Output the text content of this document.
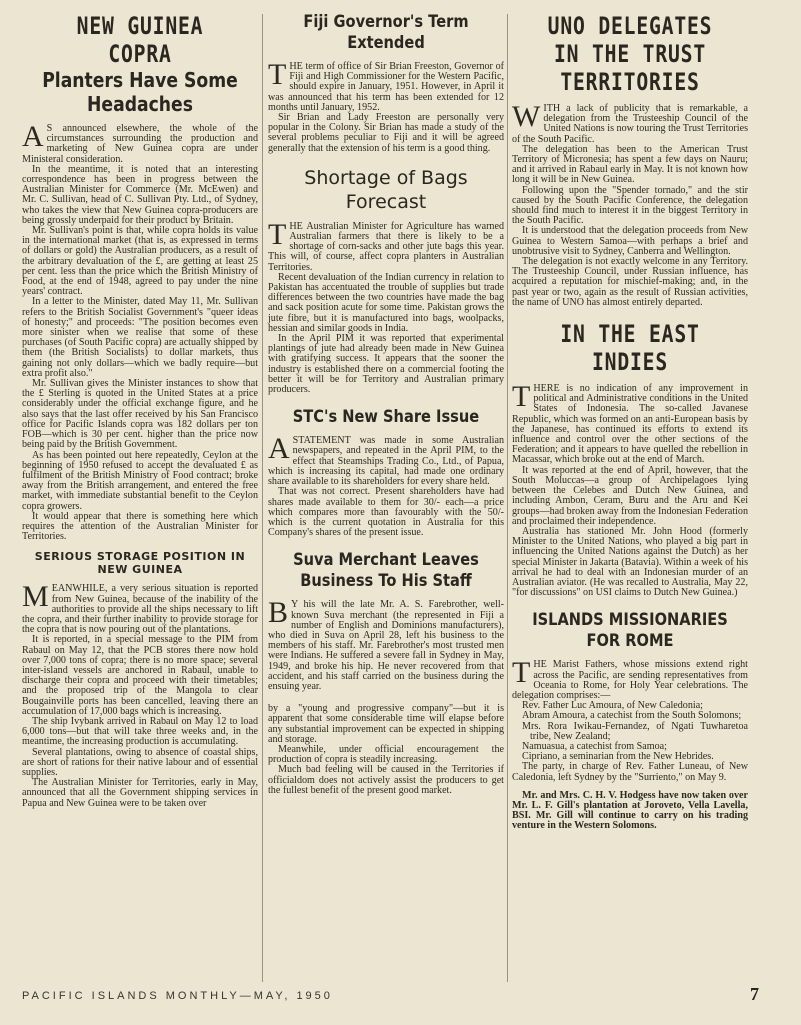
NEW GUINEA COPRA
Planters Have Some Headaches

A S announced elsewhere, the whole of the circumstances surrounding the production and marketing of New Guinea copra are under Ministeral consideration.

In the meantime, it is noted that an interesting correspondence has been in progress between the Australian Minister for Commerce (Mr. McEwen) and Mr. C. Sullivan, head of C. Sullivan Pty. Ltd., of Sydney, who takes the view that New Guinea copra-producers are being grossly underpaid for their product by Britain.

Mr. Sullivan's point is that, while copra holds its value in the international market (that is, as expressed in terms of dollars or gold) the Australian producers, as a result of the arbitrary devaluation of the £, are getting at least 25 per cent. less than the price which the British Ministry of Food, at the end of 1948, agreed to pay under the nine years' contract.

In a letter to the Minister, dated May 11, Mr. Sullivan refers to the British Socialist Government's "queer ideas of honesty;" and proceeds: "The position becomes even more sinister when we realise that some of these purchases (of South Pacific copra) are actually shipped by them (the British Socialists) to dollar markets, thus gaining not only dollars—which we badly require—but extra profit also."

Mr. Sullivan gives the Minister instances to show that the £ Sterling is quoted in the United States at a price considerably under the official exchange figure, and he also says that the last offer received by his San Francisco office for Pacific Islands copra was 182 dollars per ton FOB—which is 30 per cent. higher than the price now being paid by the British Government.

As has been pointed out here repeatedly, Ceylon at the beginning of 1950 refused to accept the devaluated £ as fulfilment of the British Ministry of Food contract; broke away from the British arrangement, and entered the free market, with immediate substantial benefit to the Ceylon copra growers.

It would appear that there is something here which requires the attention of the Australian Minister for Territories.

SERIOUS STORAGE POSITION IN NEW GUINEA

MEANWHILE, a very serious situation is reported from New Guinea, because of the inability of the authorities to provide all the ships necessary to lift the copra, and their further inability to provide storage for the copra that is now pouring out of the plantations.

It is reported, in a special message to the PIM from Rabaul on May 12, that the PCB stores there now hold over 7,000 tons of copra; there is no more space; several inter-island vessels are anchored in Rabaul, unable to discharge their copra and proceed with their timetables; and the proposed trip of the Mangola to clear Bougainville ports has been cancelled, leaving there an accumulation of 17,000 bags which is increasing.

The ship Ivybank arrived in Rabaul on May 12 to load 6,000 tons—but that will take three weeks and, in the meantime, the increasing production is accumulating.

Several plantations, owing to absence of coastal ships, are short of rations for their native labour and of essential supplies.

The Australian Minister for Territories, early in May, announced that all the Government shipping services in Papua and New Guinea were to be taken over

Fiji Governor's Term Extended

THE term of office of Sir Brian Freeston, Governor of Fiji and High Commissioner for the Western Pacific, should expire in January, 1951. However, in April it was announced that his term has been extended for 12 months until January, 1952.

Sir Brian and Lady Freeston are personally very popular in the Colony. Sir Brian has made a study of the several problems peculiar to Fiji and it will be agreed generally that the extension of his term is a good thing.

Shortage of Bags Forecast

THE Australian Minister for Agriculture has warned Australian farmers that there is likely to be a shortage of corn-sacks and other jute bags this year. This will, of course, affect copra planters in Australian Territories.

Recent devaluation of the Indian currency in relation to Pakistan has accentuated the trouble of supplies but trade differences between the two countries have made the bag and sack position acute for some time. Pakistan grows the jute fibre, but it is manufactured into bags, woolpacks, hessian and similar goods in India.

In the April PIM it was reported that experimental plantings of jute had already been made in New Guinea with gratifying success. It appears that the sooner the industry is established there on a commercial footing the better it will be for Territory and Australian primary producers.

STC's New Share Issue

ASTATEMENT was made in some Australian newspapers, and repeated in the April PIM, to the effect that Steamships Trading Co., Ltd., of Papua, which is increasing its capital, had made one ordinary share available to its shareholders for every share held.

That was not correct. Present shareholders have had shares made available to them for 30/- each—a price which compares more than favourably with the 50/- which is the current quotation in Australia for this Company's shares of the present issue.

Suva Merchant Leaves Business To His Staff

B Y his will the late Mr. A. S. Farebrother, well-known Suva merchant (the represented in Fiji a number of English and Dominions manufacturers), who died in Suva on April 28, left his business to the members of his staff. Mr. Farebrother's most trusted men were Indians. He suffered a severe fall in Sydney in May, 1949, and broke his hip. He never recovered from that accident, and his staff carried on the business during the ensuing year.

by a "young and progressive company"—but it is apparent that some considerable time will elapse before any substantial improvement can be expected in shipping and storage.

Meanwhile, under official encouragement the production of copra is steadily increasing.

Much bad feeling will be caused in the Territories if officialdom does not actively assist the producers to get the fullest benefit of the present good market.

UNO DELEGATES IN THE TRUST TERRITORIES

WITH a lack of publicity that is remarkable, a delegation from the Trusteeship Council of the United Nations is now touring the Trust Territories of the South Pacific.

The delegation has been to the American Trust Territory of Micronesia; has spent a few days on Nauru; and it arrived in Rabaul early in May. It is not known how long it will be in New Guinea.

Following upon the "Spender tornado," and the stir caused by the South Pacific Conference, the delegation should find much to interest it in the biggest Territory in the South Pacific.

It is understood that the delegation proceeds from New Guinea to Western Samoa—with perhaps a brief and unobtrusive visit to Sydney, Canberra and Wellington.

The delegation is not exactly welcome in any Territory. The Trusteeship Council, under Russian influence, has acquired a reputation for mischief-making; and, in the past year or two, again as the result of Russian activities, the name of UNO has almost entirely departed.

IN THE EAST INDIES

THERE is no indication of any improvement in political and Administrative conditions in the United States of Indonesia. The so-called Javanese Republic, which was formed on an anti-European basis by the Japanese, has continued its efforts to extend its influence and control over the other sections of the Federation; and it appears to have quelled the rebellion in Macassar, which broke out at the end of March.

It was reported at the end of April, however, that the South Moluccas—a group of Archipelagoes lying between the Celebes and Dutch New Guinea, and including Ambon, Ceram, Buru and the Aru and Kei groups—had broken away from the Indonesian Federation and proclaimed their independence.

Australia has stationed Mr. John Hood (formerly Minister to the United Nations, who played a big part in influencing the United Nations against the Dutch) as her special Minister in Jakarta (Batavia). Within a week of his arrival he had to deal with an Indonesian murder of an Australian aviator. (He was recalled to Australia, May 22, "for discussions" on USI claims to Dutch New Guinea.)

ISLANDS MISSIONARIES FOR ROME

THE Marist Fathers, whose missions extend right across the Pacific, are sending representatives from Oceania to Rome, for Holy Year celebrations. The delegation comprises:—

Rev. Father Luc Amoura, of New Caledonia;

Abram Amoura, a catechist from the South Solomons;

Mrs. Rora Iwikau-Fernandez, of Ngati Tuwharetoa tribe, New Zealand;

Namuasua, a catechist from Samoa;

Cipriano, a seminarian from the New Hebrides.

The party, in charge of Rev. Father Luneau, of New Caledonia, left Sydney by the "Surriento," on May 9.

Mr. and Mrs. C. H. V. Hodgess have now taken over Mr. L. F. Gill's plantation at Joroveto, Vella Lavella, BSI. Mr. Gill will continue to carry on his trading venture in the Western Solomons.

PACIFIC ISLANDS MONTHLY—MAY, 1950	7
